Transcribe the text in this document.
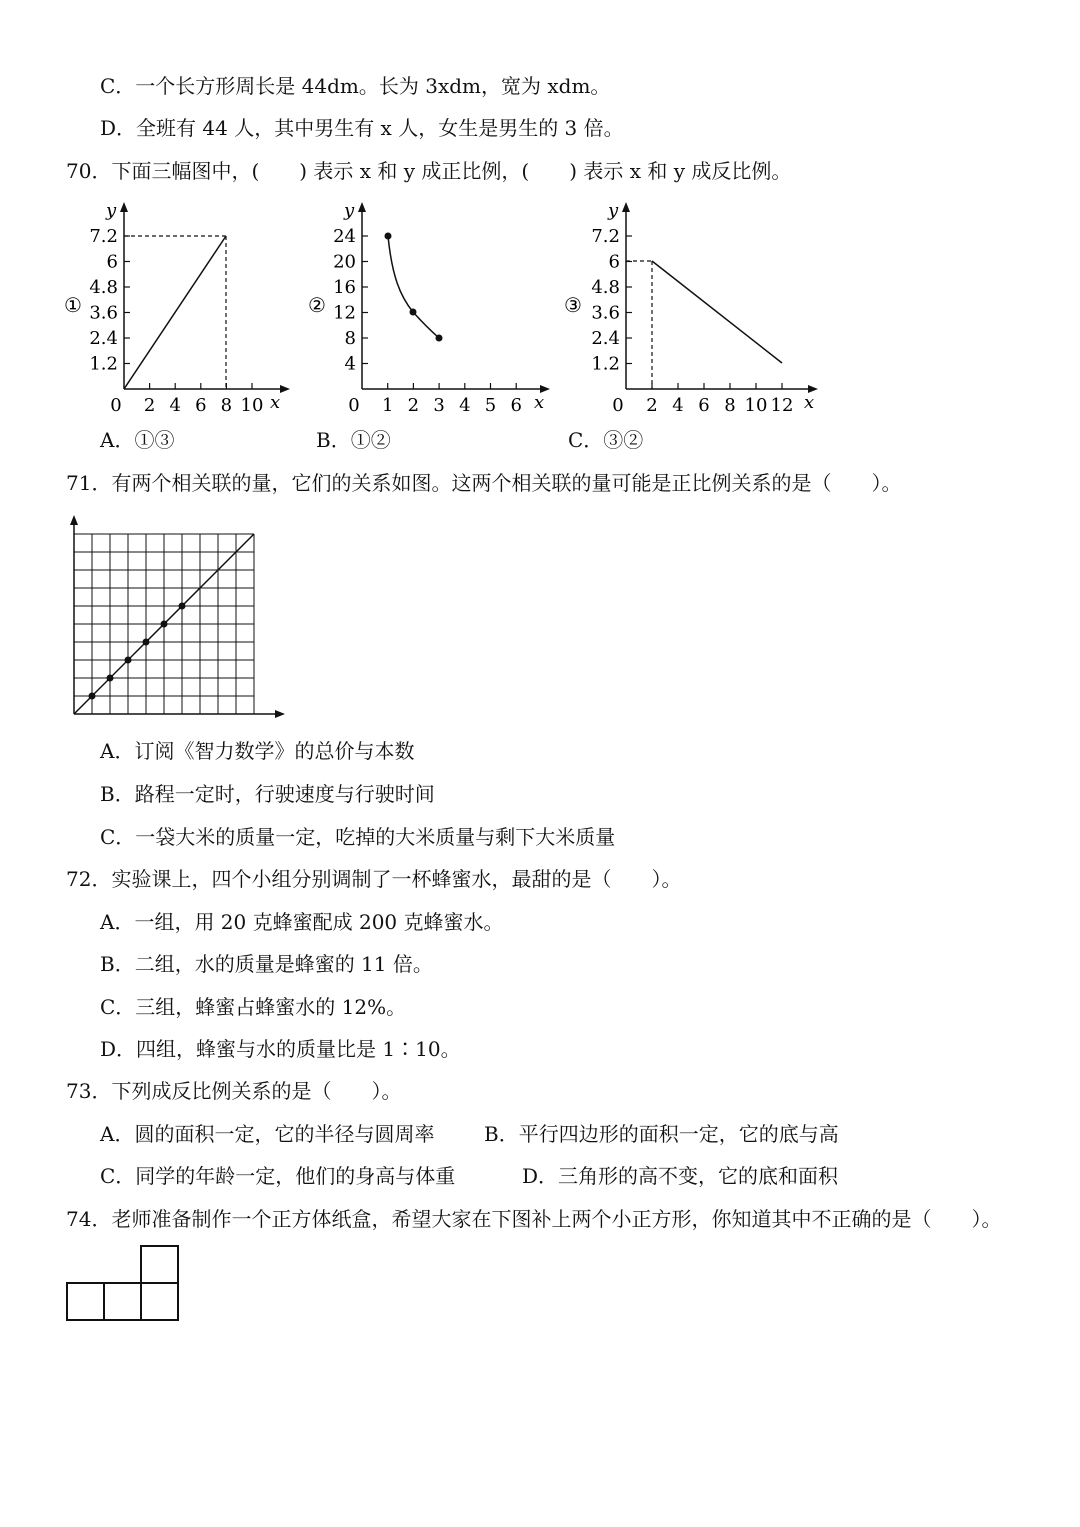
C．一个长方形周长是 44dm。长为 3xdm，宽为 xdm。
D．全班有 44 人，其中男生有 x 人，女生是男生的 3 倍。
70．下面三幅图中，(　　) 表示 x 和 y 成正比例，(　　) 表示 x 和 y 成反比例。
①
y
x
1.2
2.4
3.6
4.8
6
7.2
0 2 4 6 8 10
②
y
x
4
8
12
16
20
24
0 1 2 3 4 5 6
③
y
x
1.2
2.4
3.6
4.8
6
7.2
0 2 4 6 8 10 12
A．①③	B．①②	C．③②
71．有两个相关联的量，它们的关系如图。这两个相关联的量可能是正比例关系的是（　　）。
A．订阅《智力数学》的总价与本数
B．路程一定时，行驶速度与行驶时间
C．一袋大米的质量一定，吃掉的大米质量与剩下大米质量
72．实验课上，四个小组分别调制了一杯蜂蜜水，最甜的是（　　）。
A．一组，用 20 克蜂蜜配成 200 克蜂蜜水。
B．二组，水的质量是蜂蜜的 11 倍。
C．三组，蜂蜜占蜂蜜水的 12%。
D．四组，蜂蜜与水的质量比是 1∶10。
73．下列成反比例关系的是（　　）。
A．圆的面积一定，它的半径与圆周率 B．平行四边形的面积一定，它的底与高
C．同学的年龄一定，他们的身高与体重	D．三角形的高不变，它的底和面积
74．老师准备制作一个正方体纸盒，希望大家在下图补上两个小正方形，你知道其中不正确的是（　　）。
